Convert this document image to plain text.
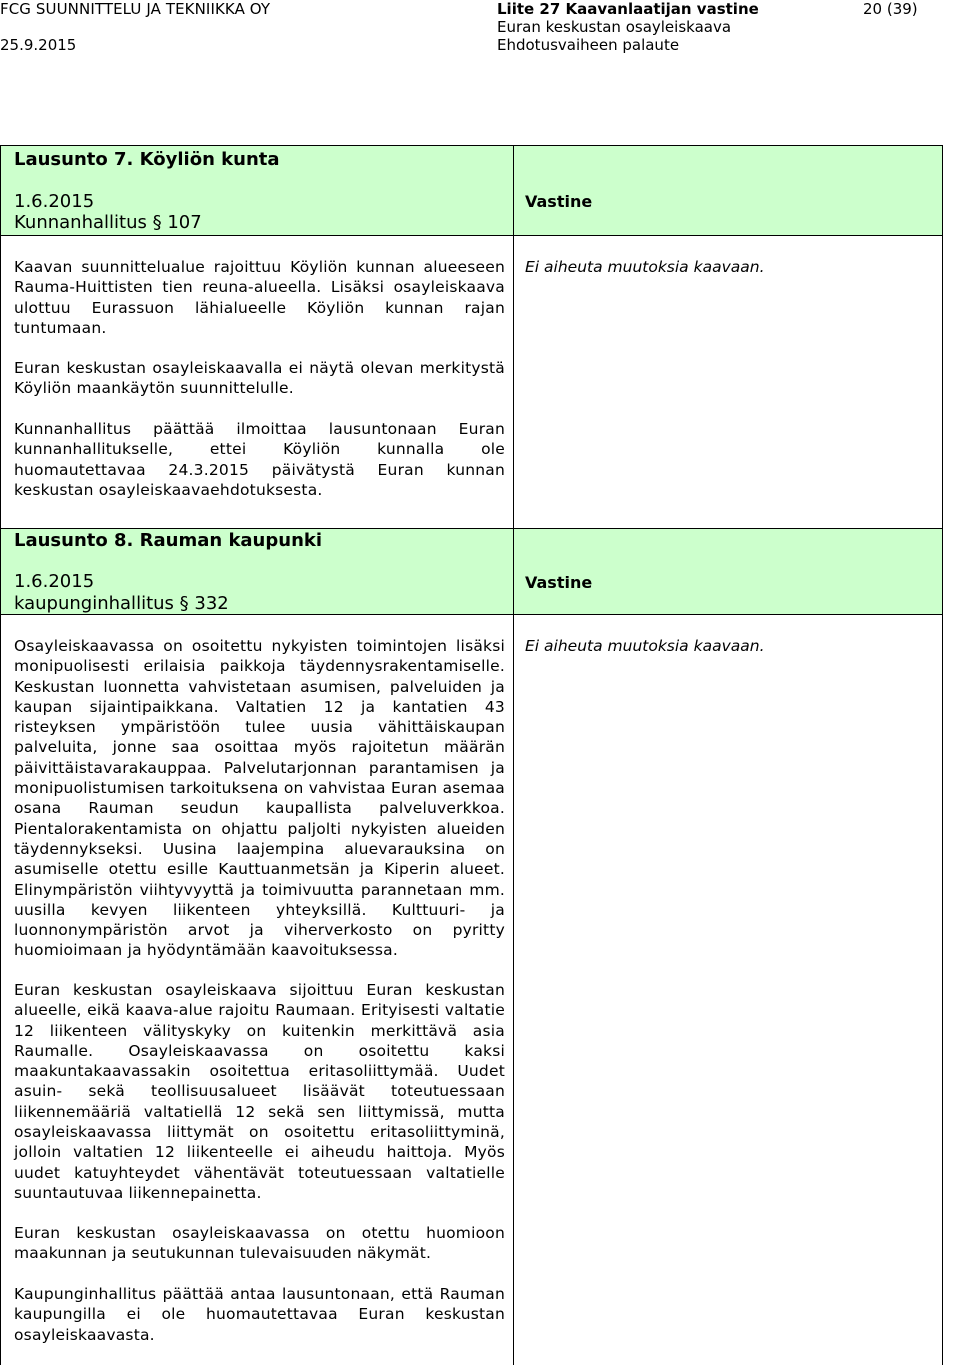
FCG SUUNNITTELU JA TEKNIIKKA OY
25.9.2015
Liite 27 Kaavanlaatijan vastine
Euran keskustan osayleiskaava
Ehdotusvaiheen palaute
20 (39)
Lausunto 7. Köyliön kunta
1.6.2015
Kunnanhallitus § 107
Vastine
Kaavan suunnittelualue rajoittuu Köyliön kunnan alueeseen Rauma-Huittisten tien reuna-alueella. Lisäksi osayleiskaava ulottuu Eurassuon lähialueelle Köyliön kunnan rajan tuntumaan.
Euran keskustan osayleiskaavalla ei näytä olevan merkitystä Köyliön maankäytön suunnittelulle.
Kunnanhallitus päättää ilmoittaa lausuntonaan Euran kunnanhallitukselle, ettei Köyliön kunnalla ole huomautettavaa 24.3.2015 päivätystä Euran kunnan keskustan osayleiskaavaehdotuksesta.
Ei aiheuta muutoksia kaavaan.
Lausunto 8. Rauman kaupunki
1.6.2015
kaupunginhallitus § 332
Vastine
Osayleiskaavassa on osoitettu nykyisten toimintojen lisäksi monipuolisesti erilaisia paikkoja täydennysrakentamiselle. Keskustan luonnetta vahvistetaan asumisen, palveluiden ja kaupan sijaintipaikkana. Valtatien 12 ja kantatien 43 risteyksen ympäristöön tulee uusia vähittäiskaupan palveluita, jonne saa osoittaa myös rajoitetun määrän päivittäistavarakauppaa. Palvelutarjonnan parantamisen ja monipuolistumisen tarkoituksena on vahvistaa Euran asemaa osana Rauman seudun kaupallista palveluverkkoa. Pientalorakentamista on ohjattu paljolti nykyisten alueiden täydennykseksi. Uusina laajempina aluevarauksina on asumiselle otettu esille Kauttuanmetsän ja Kiperin alueet. Elinympäristön viihtyvyyttä ja toimivuutta parannetaan mm. uusilla kevyen liikenteen yhteyksillä. Kulttuuri- ja luonnonympäristön arvot ja viherverkosto on pyritty huomioimaan ja hyödyntämään kaavoituksessa.
Euran keskustan osayleiskaava sijoittuu Euran keskustan alueelle, eikä kaava-alue rajoitu Raumaan. Erityisesti valtatie 12 liikenteen välityskyky on kuitenkin merkittävä asia Raumalle. Osayleiskaavassa on osoitettu kaksi maakuntakaavassakin osoitettua eritasoliittymää. Uudet asuin- sekä teollisuusalueet lisäävät toteutuessaan liikennemääriä valtatiellä 12 sekä sen liittymissä, mutta osayleiskaavassa liittymät on osoitettu eritasoliittyminä, jolloin valtatien 12 liikenteelle ei aiheudu haittoja. Myös uudet katuyhteydet vähentävät toteutuessaan valtatielle suuntautuvaa liikennepainetta.
Euran keskustan osayleiskaavassa on otettu huomioon maakunnan ja seutukunnan tulevaisuuden näkymät.
Kaupunginhallitus päättää antaa lausuntonaan, että Rauman kaupungilla ei ole huomautettavaa Euran keskustan osayleiskaavasta.
Ei aiheuta muutoksia kaavaan.
